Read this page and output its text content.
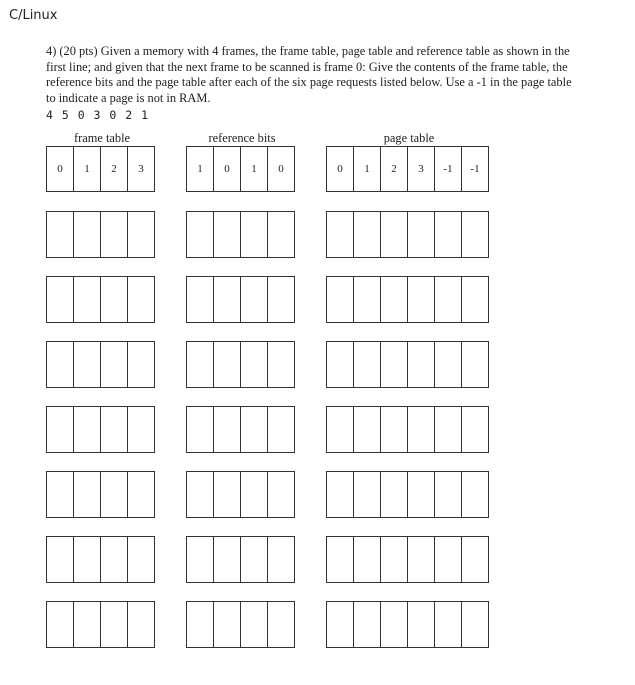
C/Linux
4) (20 pts) Given a memory with 4 frames, the frame table, page table and reference table as shown in the
first line; and given that the next frame to be scanned is frame 0: Give the contents of the frame table, the
reference bits and the page table after each of the six page requests listed below. Use a -1 in the page table
to indicate a page is not in RAM.
4 5 0 3 0 2 1
frame table	reference bits	page table
0	1	2	3	1	0	1	0	0	1	2	3	-1	-1
